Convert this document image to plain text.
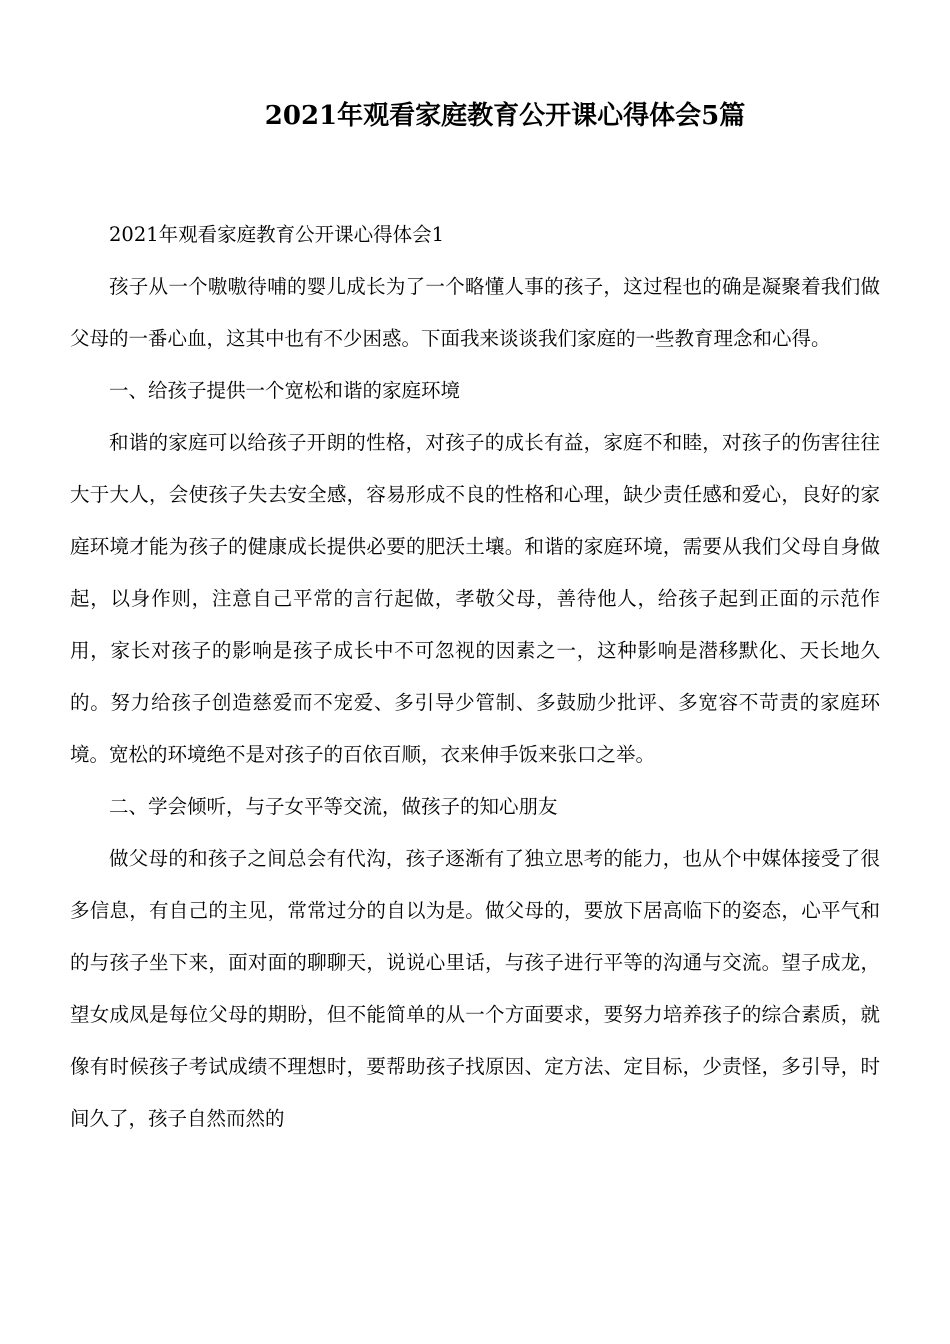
2021年观看家庭教育公开课心得体会5篇

2021年观看家庭教育公开课心得体会1

孩子从一个嗷嗷待哺的婴儿成长为了一个略懂人事的孩子，这过程也的确是凝聚着我们做父母的一番心血，这其中也有不少困惑。下面我来谈谈我们家庭的一些教育理念和心得。

一、给孩子提供一个宽松和谐的家庭环境

和谐的家庭可以给孩子开朗的性格，对孩子的成长有益，家庭不和睦，对孩子的伤害往往大于大人，会使孩子失去安全感，容易形成不良的性格和心理，缺少责任感和爱心，良好的家庭环境才能为孩子的健康成长提供必要的肥沃土壤。和谐的家庭环境，需要从我们父母自身做起，以身作则，注意自己平常的言行起做，孝敬父母，善待他人，给孩子起到正面的示范作用，家长对孩子的影响是孩子成长中不可忽视的因素之一，这种影响是潜移默化、天长地久的。努力给孩子创造慈爱而不宠爱、多引导少管制、多鼓励少批评、多宽容不苛责的家庭环境。宽松的环境绝不是对孩子的百依百顺，衣来伸手饭来张口之举。

二、学会倾听，与子女平等交流，做孩子的知心朋友

做父母的和孩子之间总会有代沟，孩子逐渐有了独立思考的能力，也从个中媒体接受了很多信息，有自己的主见，常常过分的自以为是。做父母的，要放下居高临下的姿态，心平气和的与孩子坐下来，面对面的聊聊天，说说心里话，与孩子进行平等的沟通与交流。望子成龙，望女成凤是每位父母的期盼，但不能简单的从一个方面要求，要努力培养孩子的综合素质，就像有时候孩子考试成绩不理想时，要帮助孩子找原因、定方法、定目标，少责怪，多引导，时间久了，孩子自然而然的
